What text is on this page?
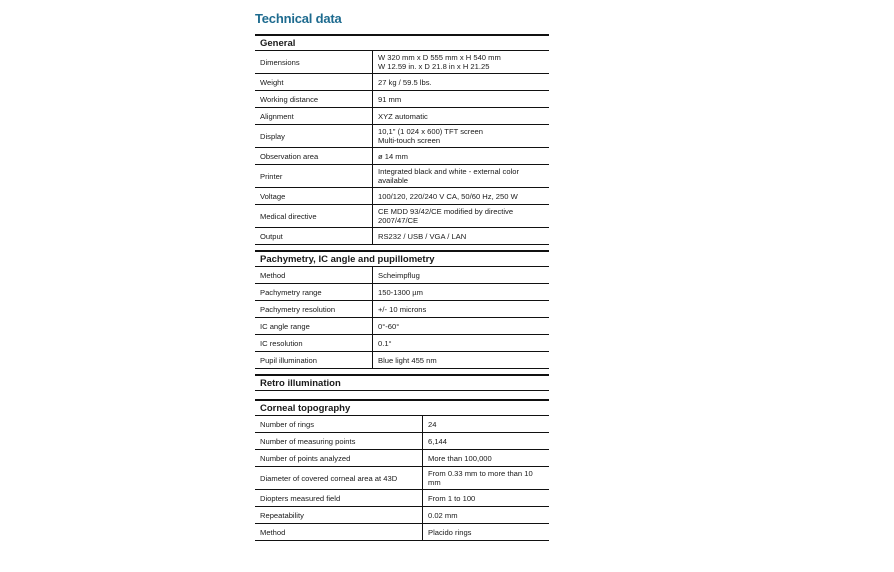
Technical data
General
Dimensions	W 320 mm x D 555 mm x H 540 mm
W 12.59 in. x D 21.8 in x H 21.25
Weight	27 kg / 59.5 lbs.
Working distance	91 mm
Alignment	XYZ automatic
Display	10,1" (1 024 x 600) TFT screen
Multi-touch screen
Observation area	ø 14 mm
Printer	Integrated black and white - external color
available
Voltage	100/120, 220/240 V CA, 50/60 Hz, 250 W
Medical directive	CE MDD 93/42/CE modified by directive
2007/47/CE
Output	RS232 / USB / VGA / LAN
Pachymetry, IC angle and pupillometry
Method	Scheimpflug
Pachymetry range	150-1300 µm
Pachymetry resolution	+/- 10 microns
IC angle range	0°-60°
IC resolution	0.1°
Pupil illumination	Blue light 455 nm
Retro illumination
Corneal topography
Number of rings	24
Number of measuring points	6,144
Number of points analyzed	More than 100,000
Diameter of covered corneal area at 43D	From 0.33 mm to more than 10
mm
Diopters measured field	From 1 to 100
Repeatability	0.02 mm
Method	Placido rings
